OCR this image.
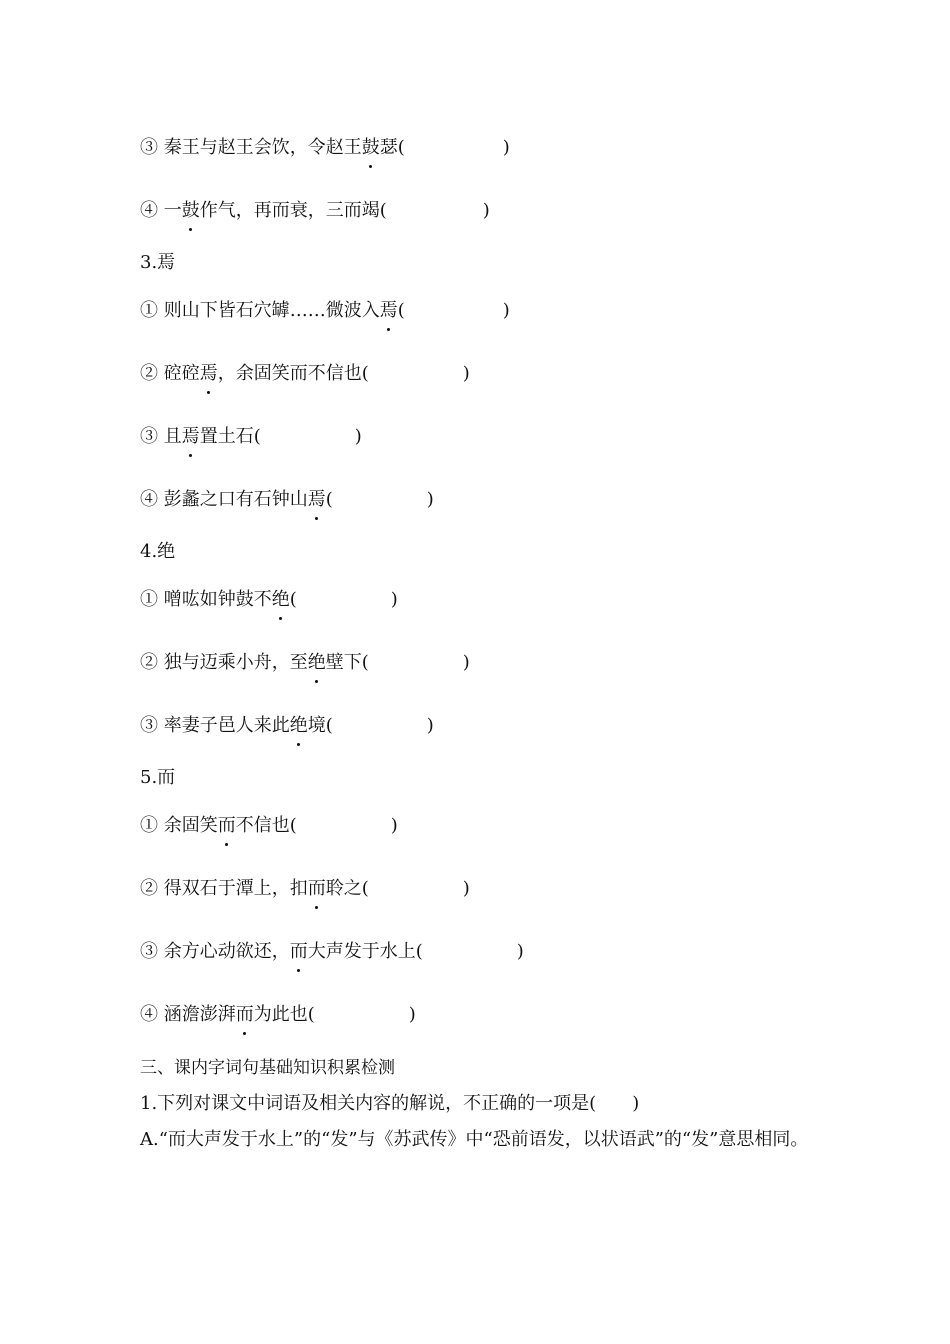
③ 秦王与赵王会饮，令赵王鼓瑟(	)
④ 一鼓作气，再而衰，三而竭(	)
3.焉
① 则山下皆石穴罅……微波入焉(	)
② 硿硿焉，余固笑而不信也(	)
③ 且焉置土石(	)
④ 彭蠡之口有石钟山焉(	)
4.绝
① 噌吰如钟鼓不绝(	)
② 独与迈乘小舟，至绝壁下(	)
③ 率妻子邑人来此绝境(	)
5.而
① 余固笑而不信也(	)
② 得双石于潭上，扣而聆之(	)
③ 余方心动欲还，而大声发于水上(	)
④ 涵澹澎湃而为此也(	)
三、课内字词句基础知识积累检测
1.下列对课文中词语及相关内容的解说，不正确的一项是(　　)
A.“而大声发于水上”的“发”与《苏武传》中“恐前语发，以状语武”的“发”意思相同。
